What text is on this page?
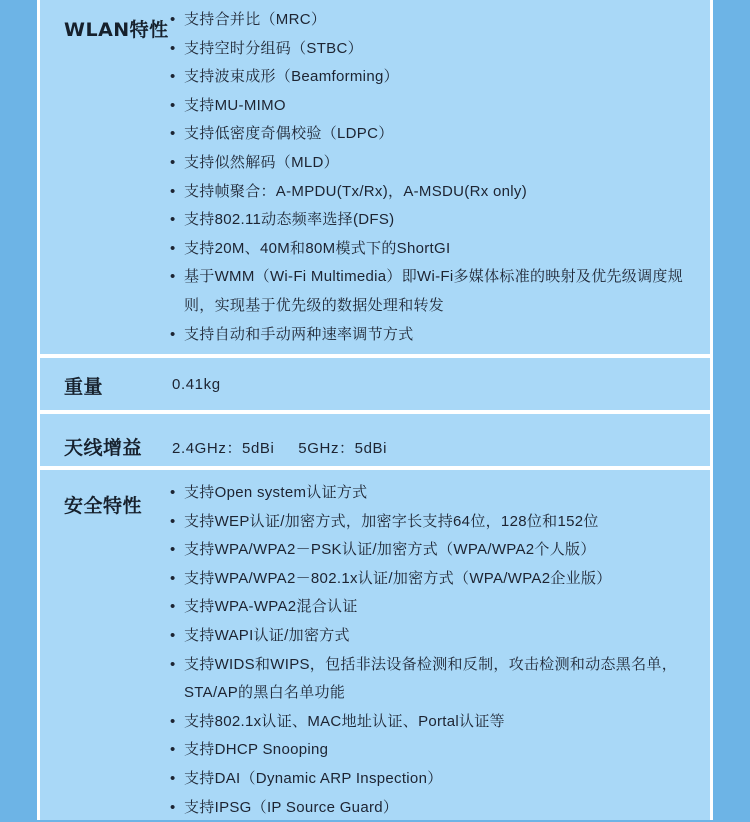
WLAN特性
•	支持合并比（MRC）
• 支持空时分组码（STBC）
• 支持波束成形（Beamforming）
• 支持MU-MIMO
• 支持低密度奇偶校验（LDPC）
• 支持似然解码（MLD）
• 支持帧聚合：A-MPDU(Tx/Rx)，A-MSDU(Rx only)
• 支持802.11动态频率选择(DFS)
• 支持20M、40M和80M模式下的ShortGI
• 基于WMM（Wi-Fi Multimedia）即Wi-Fi多媒体标准的映射及优先级调度规则，实现基于优先级的数据处理和转发
• 支持自动和手动两种速率调节方式
重量	0.41kg
天线增益 2.4GHz：5dBi     5GHz：5dBi
安全特性
• 支持Open system认证方式
• 支持WEP认证/加密方式，加密字长支持64位，128位和152位
• 支持WPA/WPA2－PSK认证/加密方式（WPA/WPA2个人版）
• 支持WPA/WPA2－802.1x认证/加密方式（WPA/WPA2企业版）
• 支持WPA-WPA2混合认证
• 支持WAPI认证/加密方式
• 支持WIDS和WIPS，包括非法设备检测和反制，攻击检测和动态黑名单，STA/AP的黑白名单功能
• 支持802.1x认证、MAC地址认证、Portal认证等
• 支持DHCP Snooping
• 支持DAI（Dynamic ARP Inspection）
• 支持IPSG（IP Source Guard）
